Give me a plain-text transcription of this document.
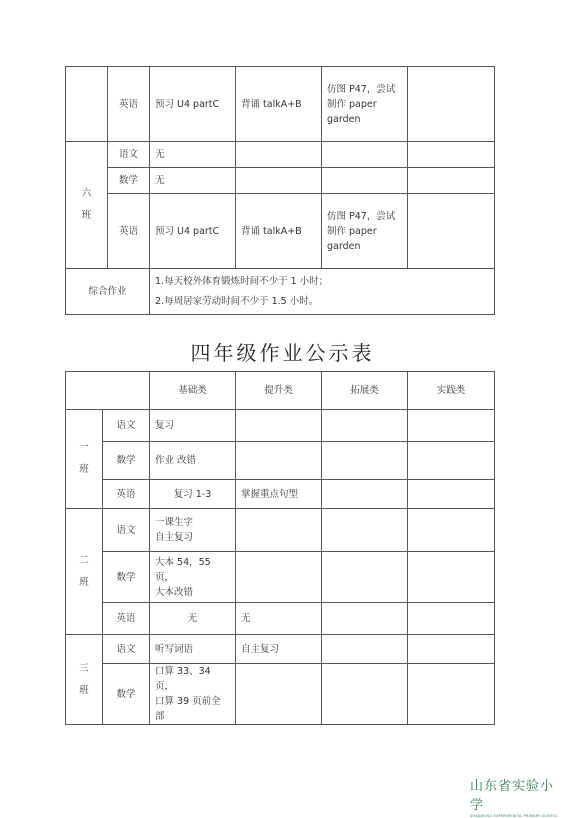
	英语	预习 U4 partC	背诵 talkA+B	仿图 P47，尝试
制作 paper
garden	

六
班	语文	无			
	数学	无			
	英语	预习 U4 partC	背诵 talkA+B	仿图 P47，尝试
制作 paper
garden	
综合作业		1.每天校外体育锻炼时间不少于 1 小时；
2.每周居家劳动时间不少于 1.5 小时。			
四年级作业公示表
		基础类	提升类	拓展类	实践类

一
班	语文	复习			
	数学	作业 改错			
	英语	复习 1-3	掌握重点句型		

二
班	语文	一课生字
自主复习			
	数学	大本 54，55 页，
大本改错			
	英语	无	无		

三
班	语文	听写词语	自主复习		
	数学	口算 33、34 页，
口算 39 页前全部			
山东省实验小学
SHANDONG EXPERIMENTAL PRIMARY SCHOOL
